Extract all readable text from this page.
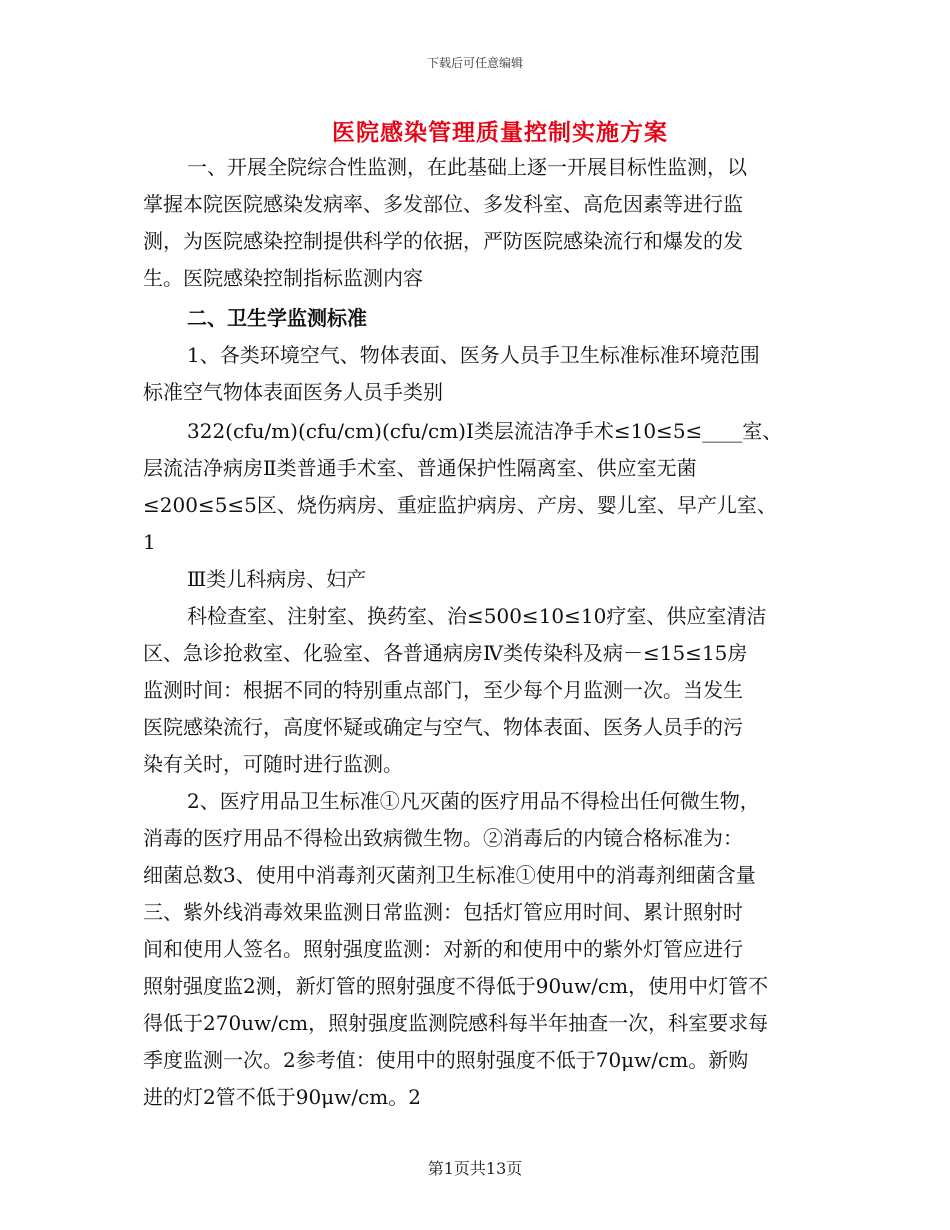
下载后可任意编辑
医院感染管理质量控制实施方案
一、开展全院综合性监测，在此基础上逐一开展目标性监测，以
掌握本院医院感染发病率、多发部位、多发科室、高危因素等进行监
测，为医院感染控制提供科学的依据，严防医院感染流行和爆发的发
生。医院感染控制指标监测内容
二、卫生学监测标准
1、各类环境空气、物体表面、医务人员手卫生标准标准环境范围
标准空气物体表面医务人员手类别
322(cfu/m)(cfu/cm)(cfu/cm)Ⅰ类层流洁净手术≤10≤5≤____室、
层流洁净病房Ⅱ类普通手术室、普通保护性隔离室、供应室无菌
≤200≤5≤5区、烧伤病房、重症监护病房、产房、婴儿室、早产儿室、
1
Ⅲ类儿科病房、妇产
科检查室、注射室、换药室、治≤500≤10≤10疗室、供应室清洁
区、急诊抢救室、化验室、各普通病房Ⅳ类传染科及病－≤15≤15房
监测时间：根据不同的特别重点部门，至少每个月监测一次。当发生
医院感染流行，高度怀疑或确定与空气、物体表面、医务人员手的污
染有关时，可随时进行监测。
2、医疗用品卫生标准①凡灭菌的医疗用品不得检出任何微生物，
消毒的医疗用品不得检出致病微生物。②消毒后的内镜合格标准为：
细菌总数3、使用中消毒剂灭菌剂卫生标准①使用中的消毒剂细菌含量
三、紫外线消毒效果监测日常监测：包括灯管应用时间、累计照射时
间和使用人签名。照射强度监测：对新的和使用中的紫外灯管应进行
照射强度监2测，新灯管的照射强度不得低于90uw/cm，使用中灯管不
得低于270uw/cm，照射强度监测院感科每半年抽查一次，科室要求每
季度监测一次。2参考值：使用中的照射强度不低于70μw/cm。新购
进的灯2管不低于90μw/cm。2
第1页共13页
